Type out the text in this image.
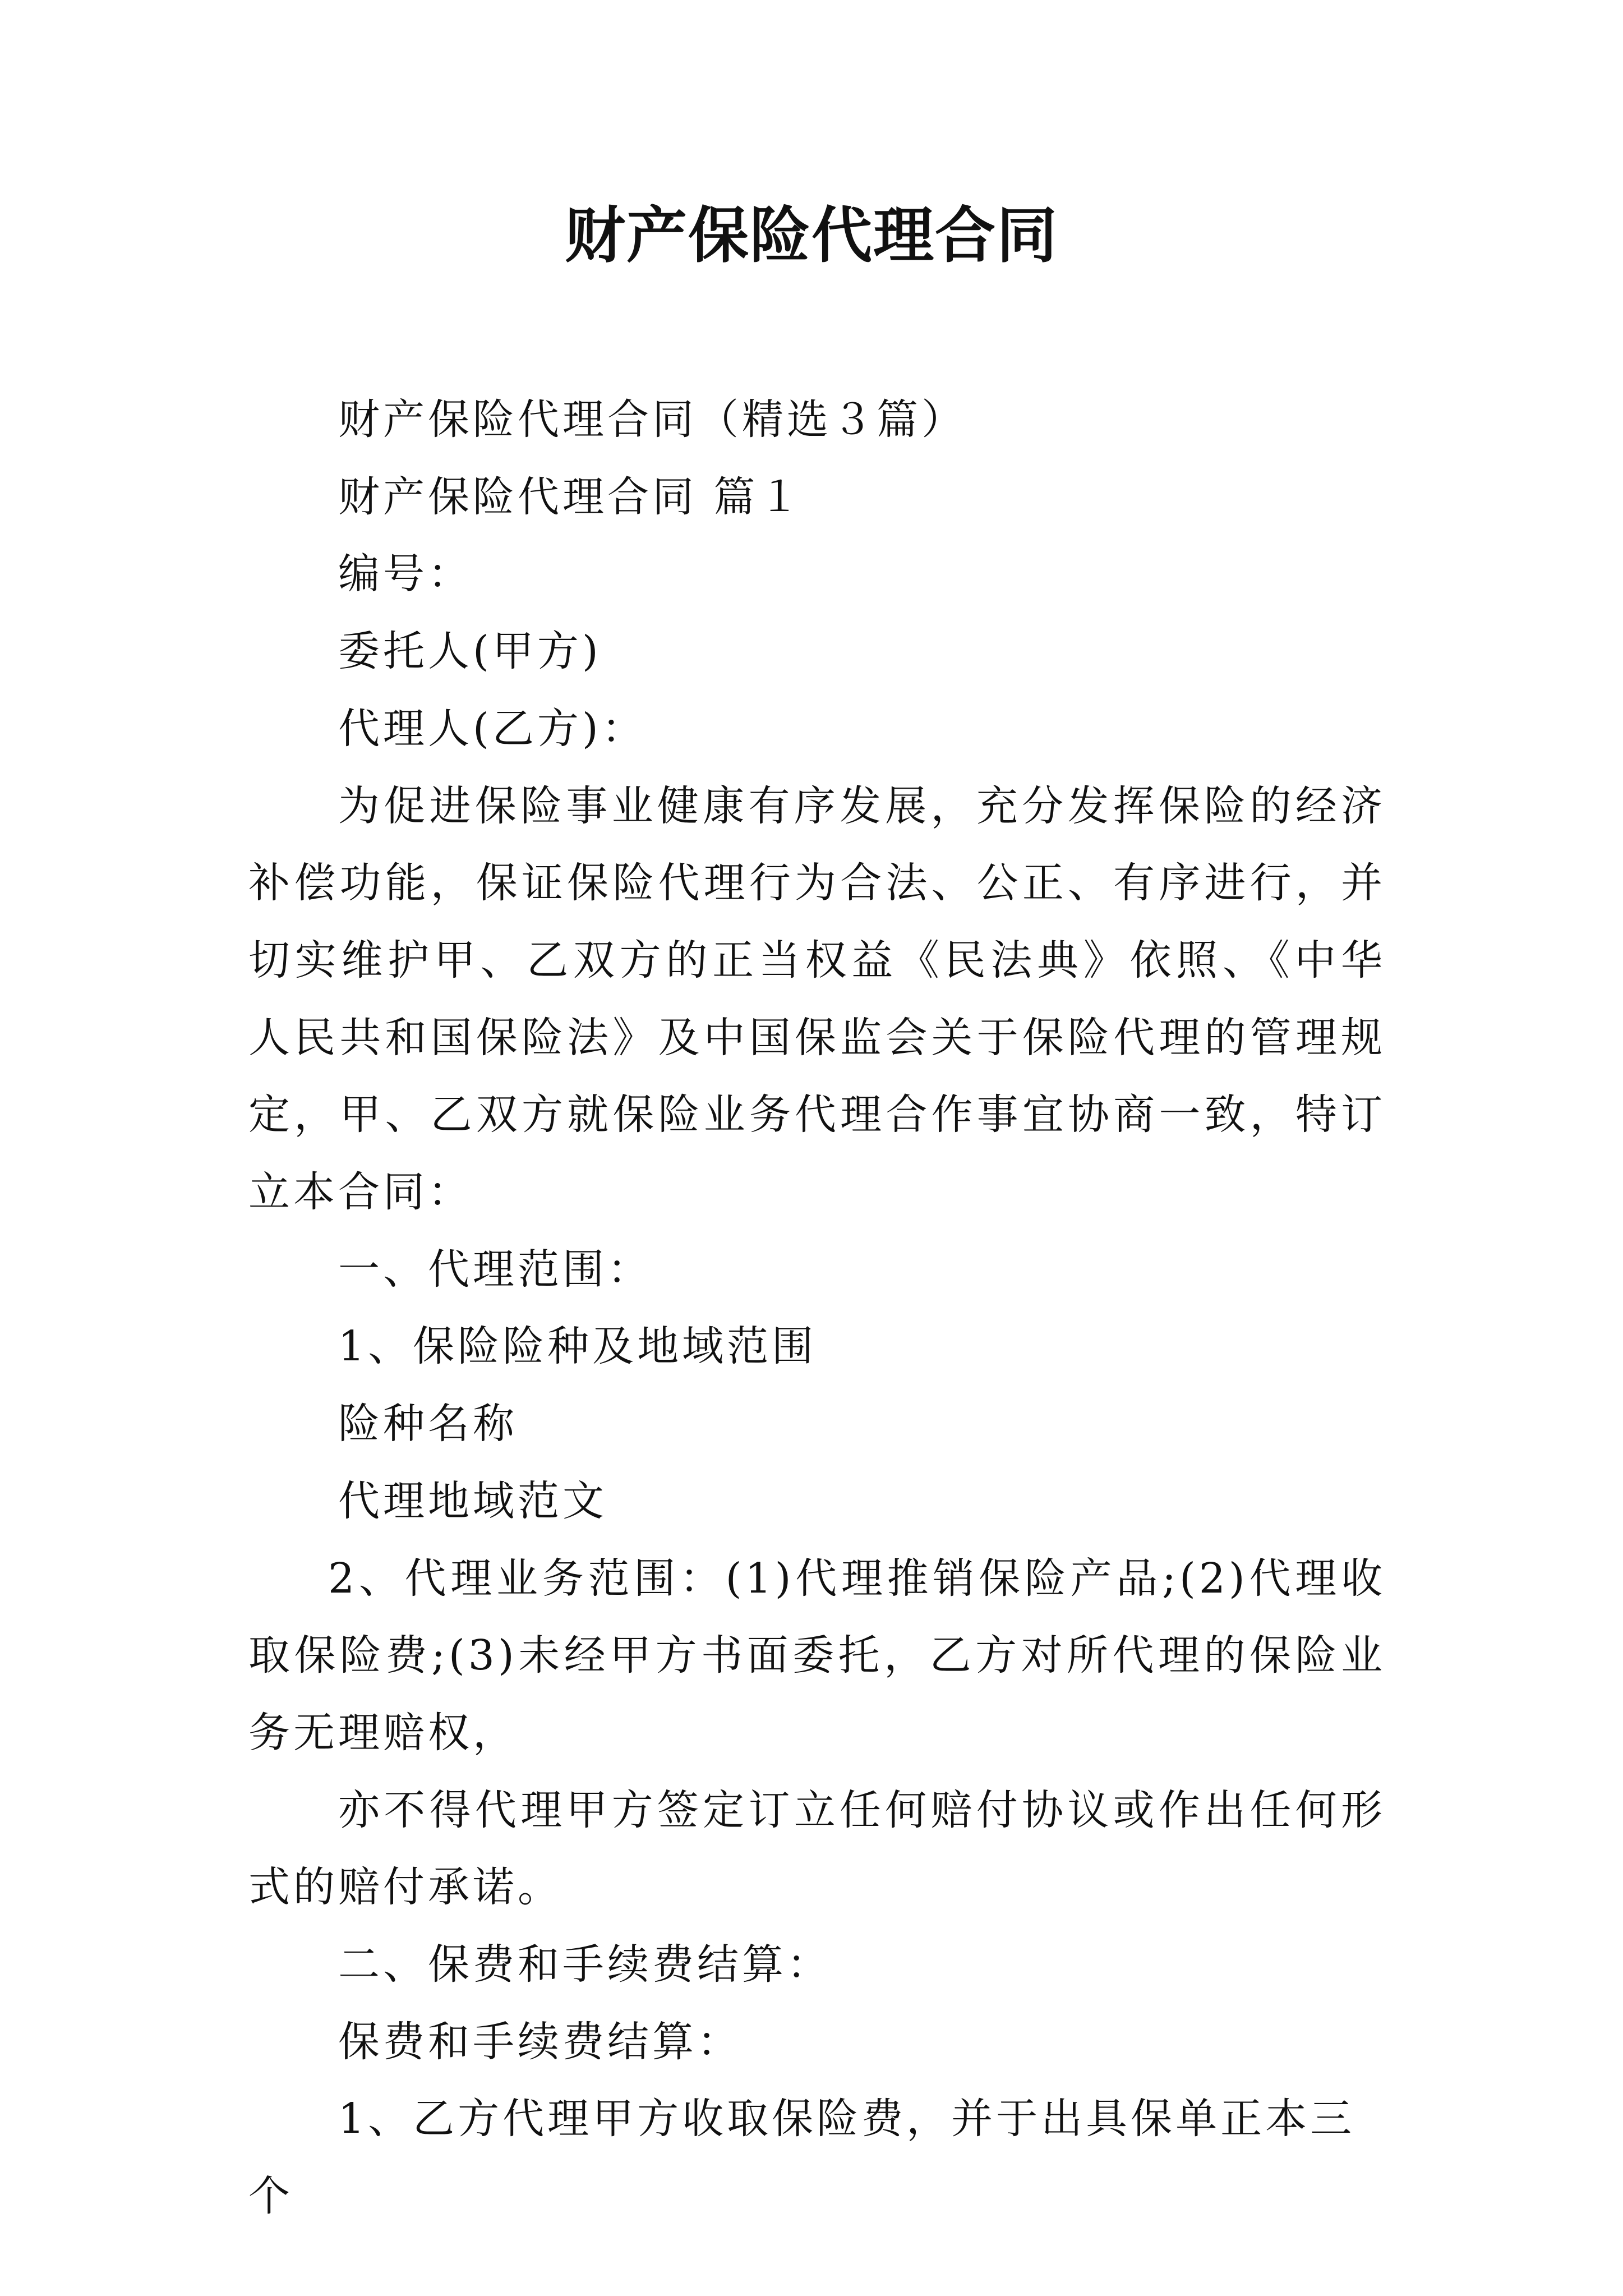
财产保险代理合同

财产保险代理合同（精选３篇）

财产保险代理合同 篇１

编号：

委托人(甲方)

代理人(乙方)：

为促进保险事业健康有序发展，充分发挥保险的经济补偿功能，保证保险代理行为合法、公正、有序进行，并切实维护甲、乙双方的正当权益《民法典》依照、《中华人民共和国保险法》及中国保监会关于保险代理的管理规定，甲、乙双方就保险业务代理合作事宜协商一致，特订立本合同：

一、代理范围：

1、保险险种及地域范围

险种名称

代理地域范文

2、代理业务范围：(1)代理推销保险产品;(2)代理收取保险费;(3)未经甲方书面委托，乙方对所代理的保险业务无理赔权，

亦不得代理甲方签定订立任何赔付协议或作出任何形式的赔付承诺。

二、保费和手续费结算：

保费和手续费结算：

1、乙方代理甲方收取保险费，并于出具保单正本三个
